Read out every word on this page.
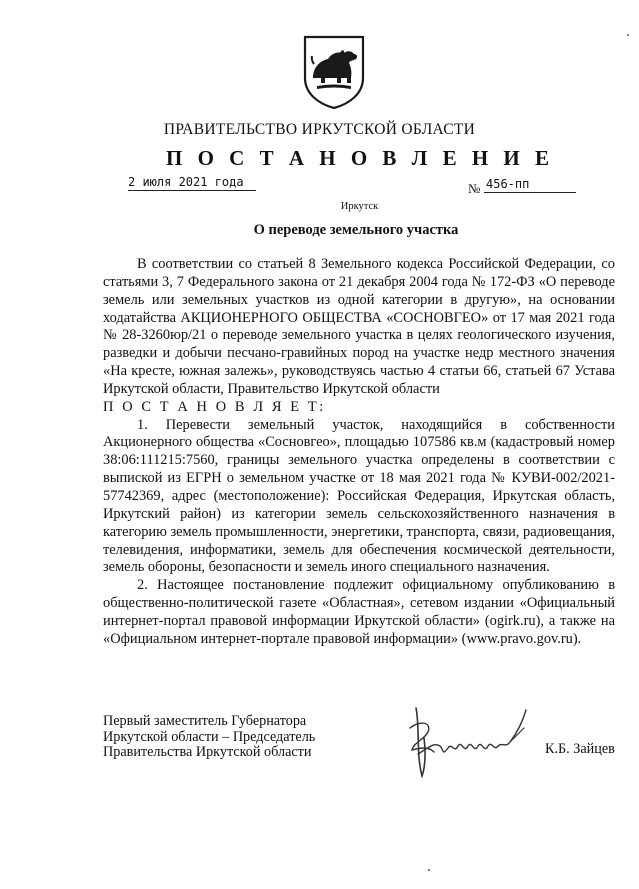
ПРАВИТЕЛЬСТВО ИРКУТСКОЙ ОБЛАСТИ
П О С Т А Н О В Л Е Н И Е
2 июля 2021 года	№ 456-пп
Иркутск
О переводе земельного участка

В соответствии со статьей 8 Земельного кодекса Российской Федерации, со статьями 3, 7 Федерального закона от 21 декабря 2004 года № 172-ФЗ «О переводе земель или земельных участков из одной категории в другую», на основании ходатайства АКЦИОНЕРНОГО ОБЩЕСТВА «СОСНОВГЕО» от 17 мая 2021 года № 28-3260юр/21 о переводе земельного участка в целях геологического изучения, разведки и добычи песчано-гравийных пород на участке недр местного значения «На кресте, южная залежь», руководствуясь частью 4 статьи 66, статьей 67 Устава Иркутской области, Правительство Иркутской области

П О С Т А Н О В Л Я Е Т:

1. Перевести земельный участок, находящийся в собственности Акционерного общества «Сосновгео», площадью 107586 кв.м (кадастровый номер 38:06:111215:7560, границы земельного участка определены в соответствии с выпиской из ЕГРН о земельном участке от 18 мая 2021 года № КУВИ-002/2021-57742369, адрес (местоположение): Российская Федерация, Иркутская область, Иркутский район) из категории земель сельскохозяйственного назначения в категорию земель промышленности, энергетики, транспорта, связи, радиовещания, телевидения, информатики, земель для обеспечения космической деятельности, земель обороны, безопасности и земель иного специального назначения.

2. Настоящее постановление подлежит официальному опубликованию в общественно-политической газете «Областная», сетевом издании «Официальный интернет-портал правовой информации Иркутской области» (ogirk.ru), а также на «Официальном интернет-портале правовой информации» (www.pravo.gov.ru).

Первый заместитель Губернатора
Иркутской области – Председатель
Правительства Иркутской области	К.Б. Зайцев
